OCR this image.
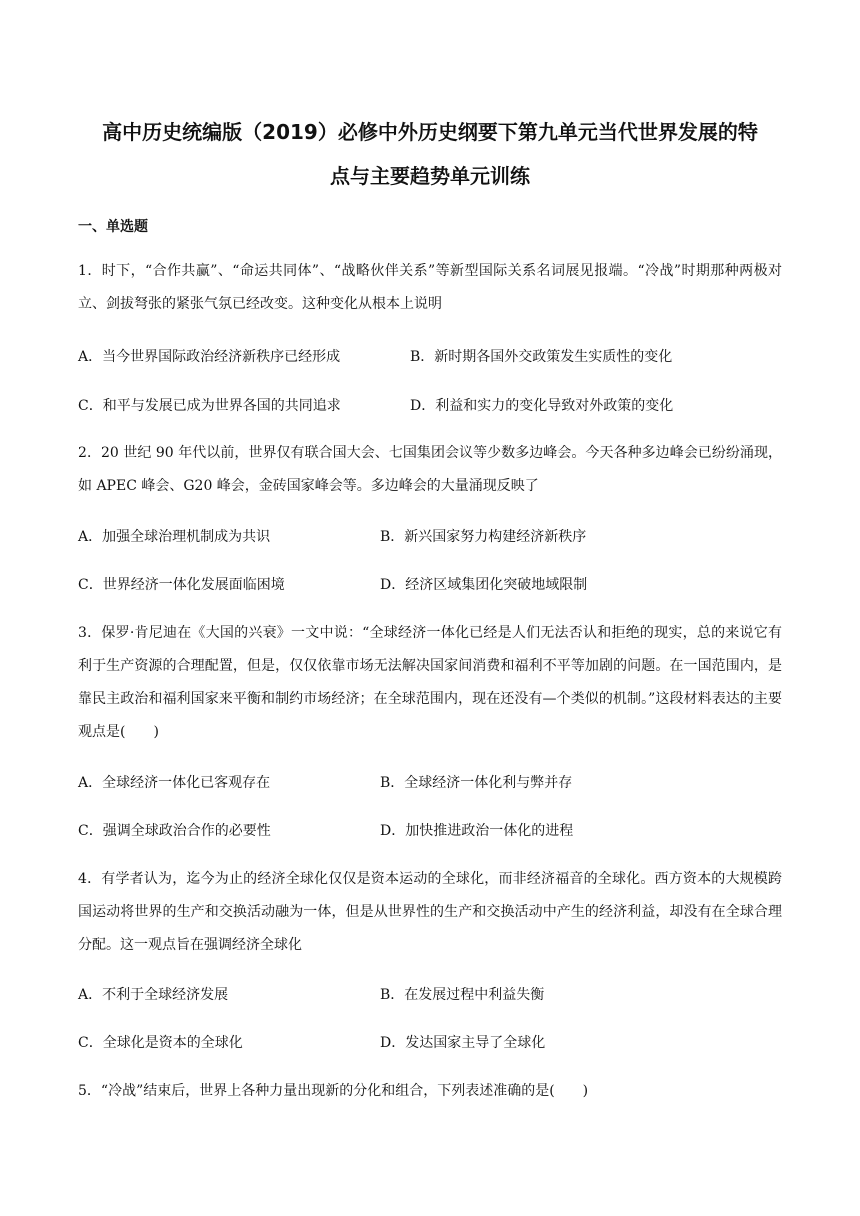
高中历史统编版（2019）必修中外历史纲要下第九单元当代世界发展的特
点与主要趋势单元训练
一、单选题
1．时下，“合作共赢”、“命运共同体”、“战略伙伴关系”等新型国际关系名词展见报端。“冷战”时期那种两极对立、剑拔弩张的紧张气氛已经改变。这种变化从根本上说明
A．当今世界国际政治经济新秩序已经形成	B．新时期各国外交政策发生实质性的变化
C．和平与发展已成为世界各国的共同追求	D．利益和实力的变化导致对外政策的变化
2．20 世纪 90 年代以前，世界仅有联合国大会、七国集团会议等少数多边峰会。今天各种多边峰会已纷纷涌现，如 APEC 峰会、G20 峰会，金砖国家峰会等。多边峰会的大量涌现反映了
A．加强全球治理机制成为共识	B．新兴国家努力构建经济新秩序
C．世界经济一体化发展面临困境	D．经济区域集团化突破地域限制
3．保罗·肯尼迪在《大国的兴衰》一文中说：“全球经济一体化已经是人们无法否认和拒绝的现实，总的来说它有利于生产资源的合理配置，但是，仅仅依靠市场无法解决国家间消费和福利不平等加剧的问题。在一国范围内，是靠民主政治和福利国家来平衡和制约市场经济；在全球范围内，现在还没有—个类似的机制。”这段材料表达的主要观点是(　　)
A．全球经济一体化已客观存在	B．全球经济一体化利与弊并存
C．强调全球政治合作的必要性	D．加快推进政治一体化的进程
4．有学者认为，迄今为止的经济全球化仅仅是资本运动的全球化，而非经济福音的全球化。西方资本的大规模跨国运动将世界的生产和交换活动融为一体，但是从世界性的生产和交换活动中产生的经济利益，却没有在全球合理分配。这一观点旨在强调经济全球化
A．不利于全球经济发展	B．在发展过程中利益失衡
C．全球化是资本的全球化	D．发达国家主导了全球化
5．“冷战”结束后，世界上各种力量出现新的分化和组合，下列表述准确的是(　　)
